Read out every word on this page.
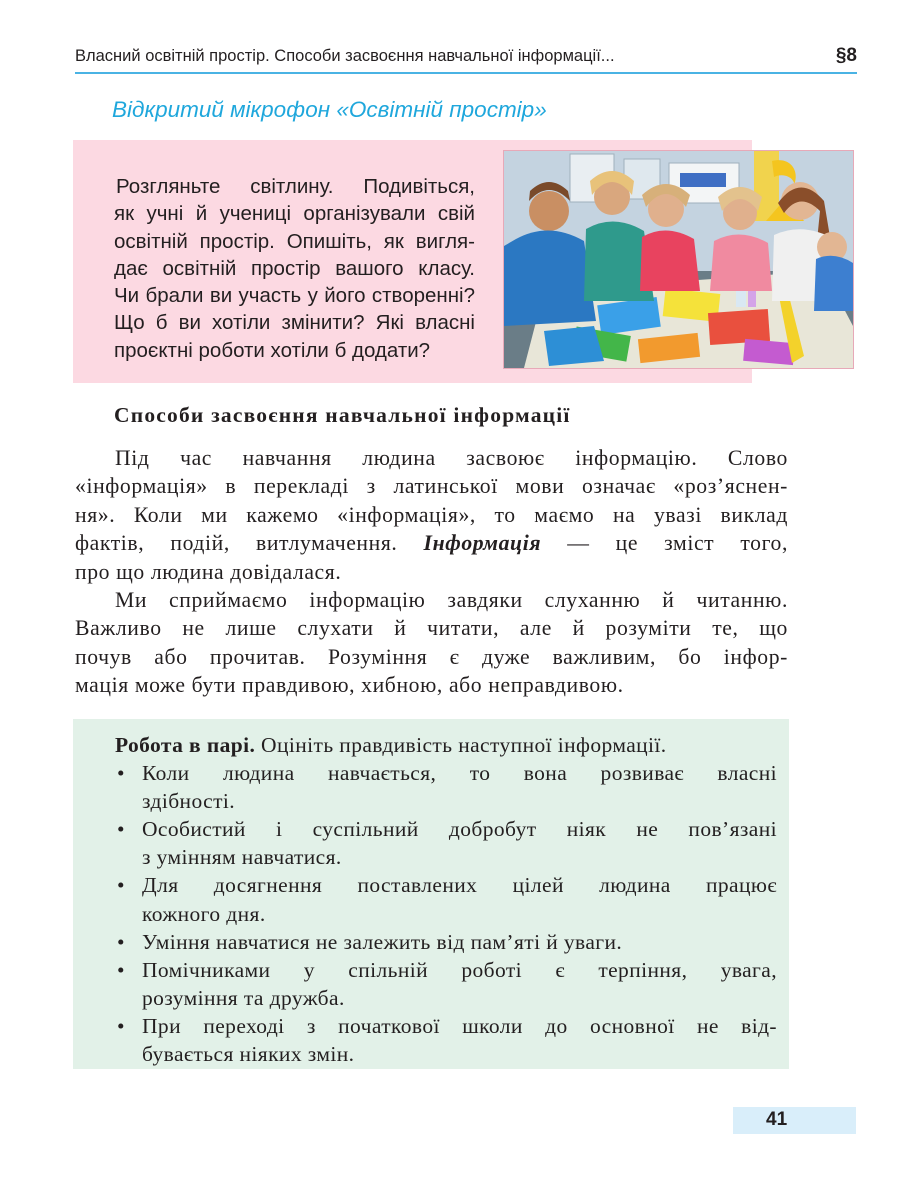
Власний освітній простір. Способи засвоєння навчальної інформації...	§8
Відкритий мікрофон «Освітній простір»
Розгляньте світлину. Подивіться,
як учні й учениці організували свій
освітній простір. Опишіть, як вигля-
дає освітній простір вашого класу.
Чи брали ви участь у його створенні?
Що б ви хотіли змінити? Які власні
проєктні роботи хотіли б додати?
Способи засвоєння навчальної інформації
Під час навчання людина засвоює інформацію. Слово
«інформація» в перекладі з латинської мови означає «роз’яснен-
ня». Коли ми кажемо «інформація», то маємо на увазі виклад
фактів, подій, витлумачення. Інформація — це зміст того,
про що людина довідалася.
Ми сприймаємо інформацію завдяки слуханню й читанню.
Важливо не лише слухати й читати, але й розуміти те, що
почув або прочитав. Розуміння є дуже важливим, бо інфор-
мація може бути правдивою, хибною, або неправдивою.
Робота в парі. Оцініть правдивість наступної інформації.
• Коли людина навчається, то вона розвиває власні
здібності.
• Особистий і суспільний добробут ніяк не пов’язані
з умінням навчатися.
• Для досягнення поставлених цілей людина працює
кожного дня.
• Уміння навчатися не залежить від пам’яті й уваги.
• Помічниками у спільній роботі є терпіння, увага,
розуміння та дружба.
• При переході з початкової школи до основної не від-
бувається ніяких змін.
41
